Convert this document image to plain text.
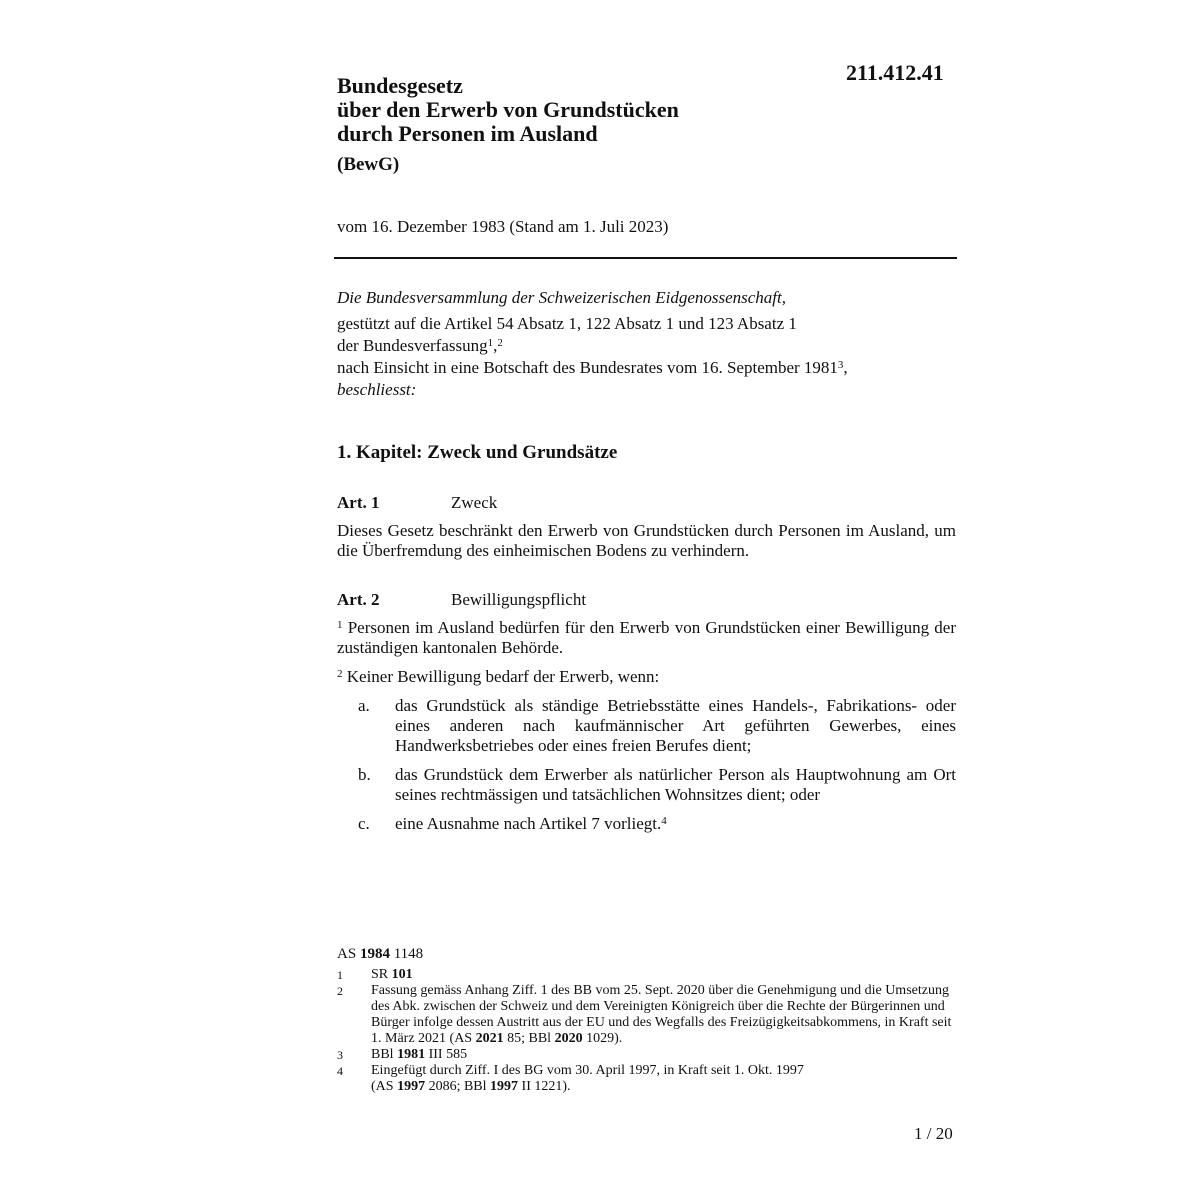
211.412.41
Bundesgesetz
über den Erwerb von Grundstücken
durch Personen im Ausland
(BewG)
vom 16. Dezember 1983 (Stand am 1. Juli 2023)
Die Bundesversammlung der Schweizerischen Eidgenossenschaft,
gestützt auf die Artikel 54 Absatz 1, 122 Absatz 1 und 123 Absatz 1
der Bundesverfassung$^1$,$^2$
nach Einsicht in eine Botschaft des Bundesrates vom 16. September 1981$^3$,
beschliesst:
1. Kapitel: Zweck und Grundsätze
Art. 1	Zweck
Dieses Gesetz beschränkt den Erwerb von Grundstücken durch Personen im Ausland, um die Überfremdung des einheimischen Bodens zu verhindern.
Art. 2	Bewilligungspflicht
$^1$ Personen im Ausland bedürfen für den Erwerb von Grundstücken einer Bewilligung der zuständigen kantonalen Behörde.
$^2$ Keiner Bewilligung bedarf der Erwerb, wenn:
a. das Grundstück als ständige Betriebsstätte eines Handels-, Fabrikations- oder eines anderen nach kaufmännischer Art geführten Gewerbes, eines Handwerksbetriebes oder eines freien Berufes dient;
b. das Grundstück dem Erwerber als natürlicher Person als Hauptwohnung am Ort seines rechtmässigen und tatsächlichen Wohnsitzes dient; oder
c. eine Ausnahme nach Artikel 7 vorliegt.$^4$
AS 1984 1148
1 SR 101
2 Fassung gemäss Anhang Ziff. 1 des BB vom 25. Sept. 2020 über die Genehmigung und die Umsetzung des Abk. zwischen der Schweiz und dem Vereinigten Königreich über die Rechte der Bürgerinnen und Bürger infolge dessen Austritt aus der EU und des Wegfalls des Freizügigkeitsabkommens, in Kraft seit 1. März 2021 (AS 2021 85; BBl 2020 1029).
3 BBl 1981 III 585
4 Eingefügt durch Ziff. I des BG vom 30. April 1997, in Kraft seit 1. Okt. 1997
(AS 1997 2086; BBl 1997 II 1221).
1 / 20
